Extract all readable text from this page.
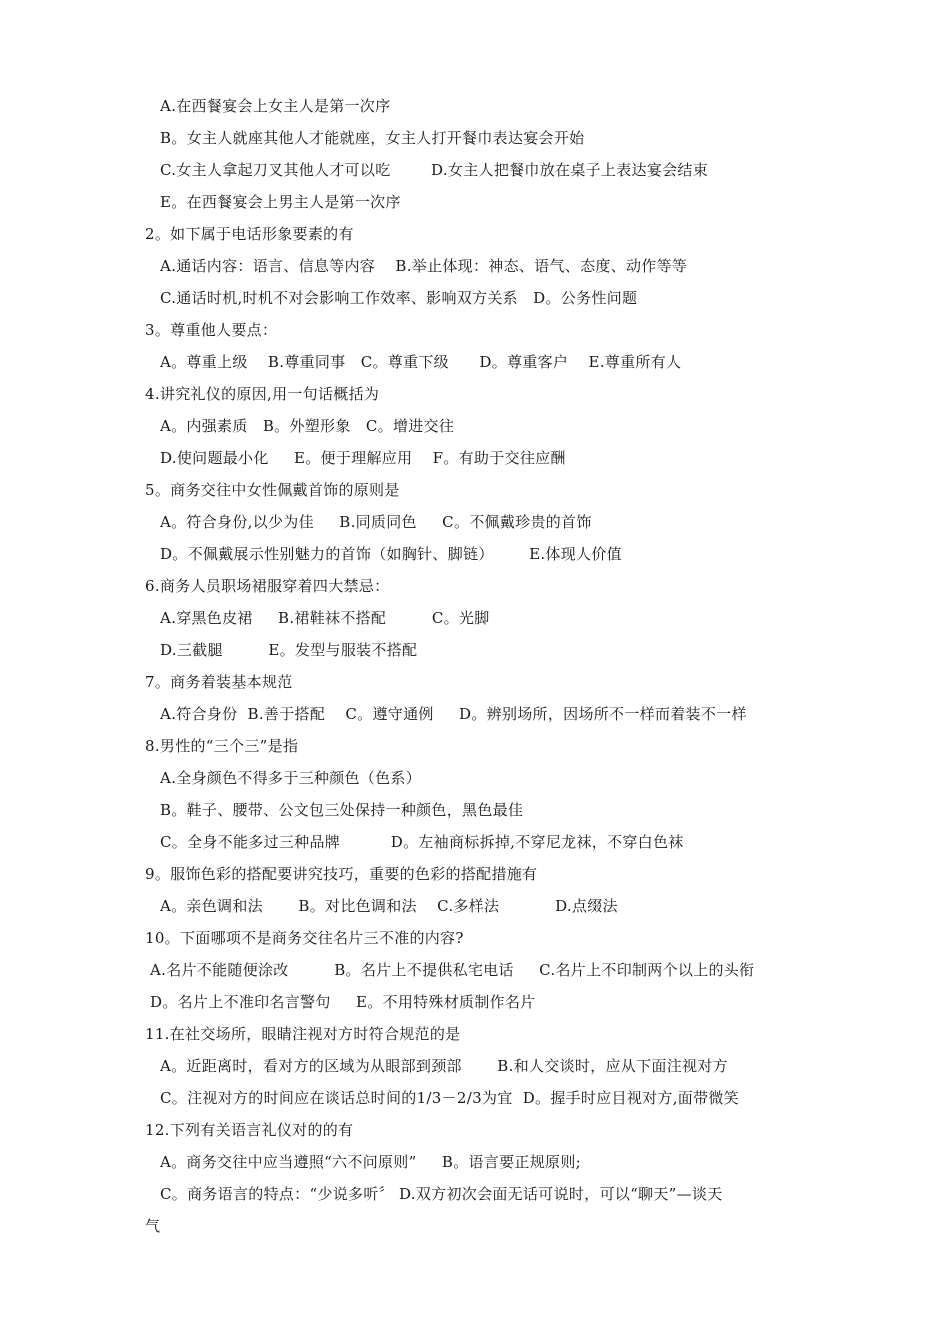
A.在西餐宴会上女主人是第一次序
B。女主人就座其他人才能就座，女主人打开餐巾表达宴会开始
C.女主人拿起刀叉其他人才可以吃        D.女主人把餐巾放在桌子上表达宴会结束
E。在西餐宴会上男主人是第一次序
2。如下属于电话形象要素的有
A.通话内容：语言、信息等内容    B.举止体现：神态、语气、态度、动作等等
C.通话时机,时机不对会影响工作效率、影响双方关系   D。公务性问题
3。尊重他人要点：
A。尊重上级    B.尊重同事   C。尊重下级      D。尊重客户    E.尊重所有人
4.讲究礼仪的原因,用一句话概括为
A。内强素质   B。外塑形象   C。增进交往
D.使问题最小化     E。便于理解应用    F。有助于交往应酬
5。商务交往中女性佩戴首饰的原则是
A。符合身份,以少为佳     B.同质同色     C。不佩戴珍贵的首饰
D。不佩戴展示性别魅力的首饰（如胸针、脚链）       E.体现人价值
6.商务人员职场裙服穿着四大禁忌：
A.穿黑色皮裙     B.裙鞋袜不搭配         C。光脚
D.三截腿         E。发型与服装不搭配
7。商务着装基本规范
A.符合身份  B.善于搭配    C。遵守通例     D。辨别场所，因场所不一样而着装不一样
8.男性的“三个三”是指
A.全身颜色不得多于三种颜色（色系）
B。鞋子、腰带、公文包三处保持一种颜色，黑色最佳
C。全身不能多过三种品牌          D。左袖商标拆掉,不穿尼龙袜，不穿白色袜
9。服饰色彩的搭配要讲究技巧，重要的色彩的搭配措施有
A。亲色调和法       B。对比色调和法    C.多样法           D.点缀法
10。下面哪项不是商务交往名片三不准的内容?
A.名片不能随便涂改         B。名片上不提供私宅电话     C.名片上不印制两个以上的头衔
D。名片上不准印名言警句     E。不用特殊材质制作名片
11.在社交场所，眼睛注视对方时符合规范的是
A。近距离时，看对方的区域为从眼部到颈部       B.和人交谈时，应从下面注视对方
C。注视对方的时间应在谈话总时间的1/3－2/3为宜  D。握手时应目视对方,面带微笑
12.下列有关语言礼仪对的的有
A。商务交往中应当遵照“六不问原则”     B。语言要正规原则;
C。商务语言的特点：“少说多听〞 D.双方初次会面无话可说时，可以“聊天”—谈天
气
